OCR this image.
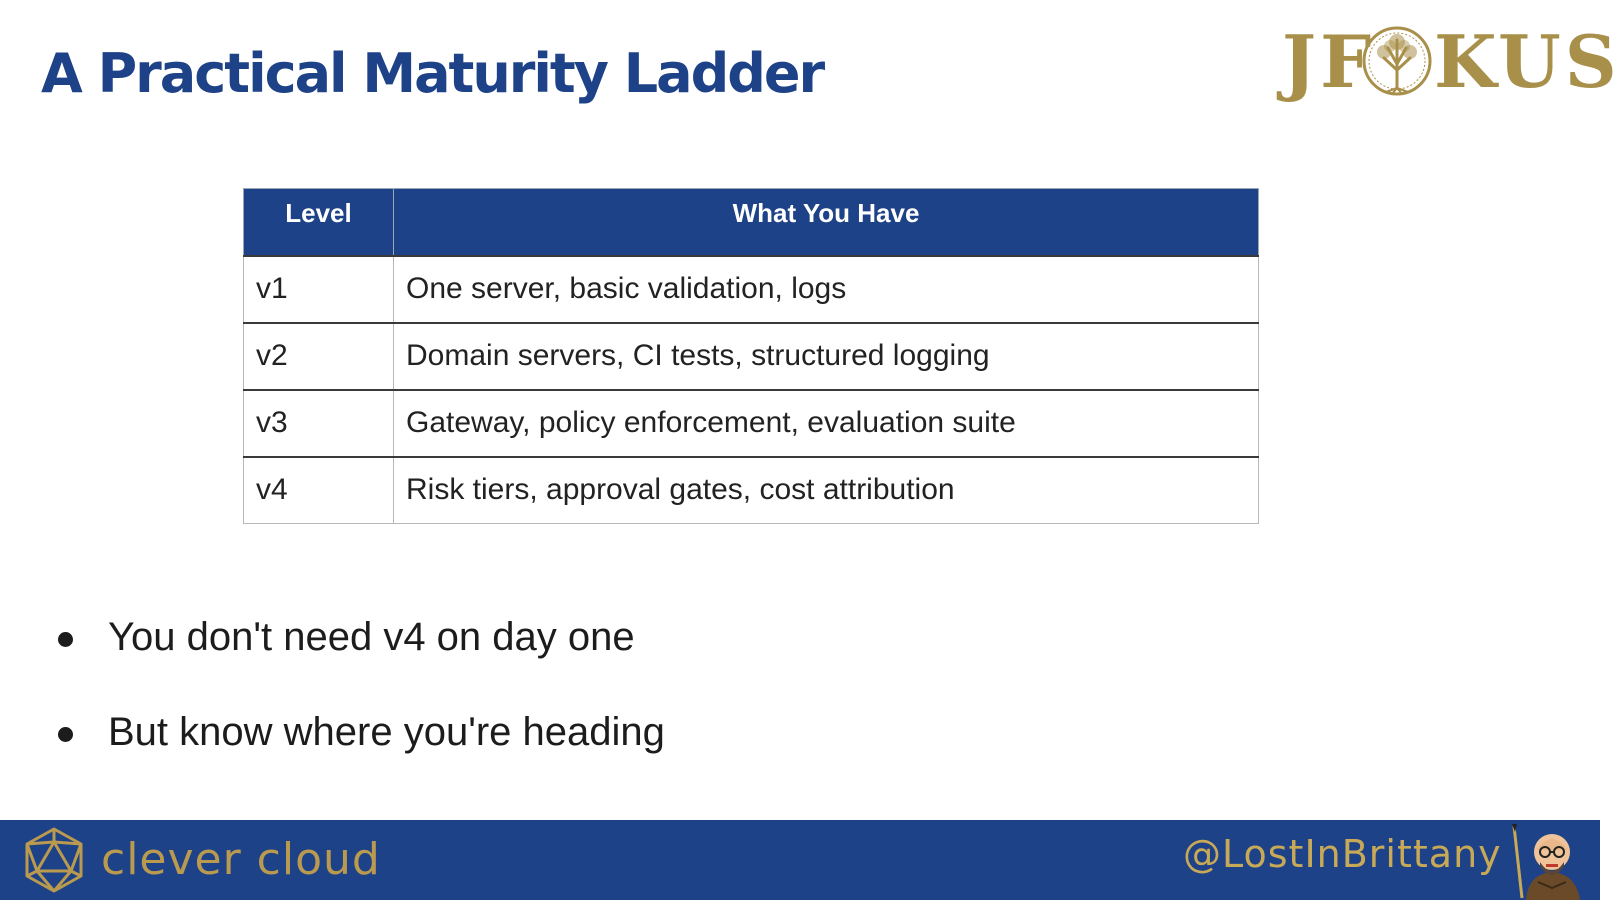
A Practical Maturity Ladder	JF KUS
Level	What You Have
v1	One server, basic validation, logs
v2	Domain servers, CI tests, structured logging
v3	Gateway, policy enforcement, evaluation suite
v4	Risk tiers, approval gates, cost attribution
You don't need v4 on day one
But know where you're heading
clever cloud	@LostInBrittany
